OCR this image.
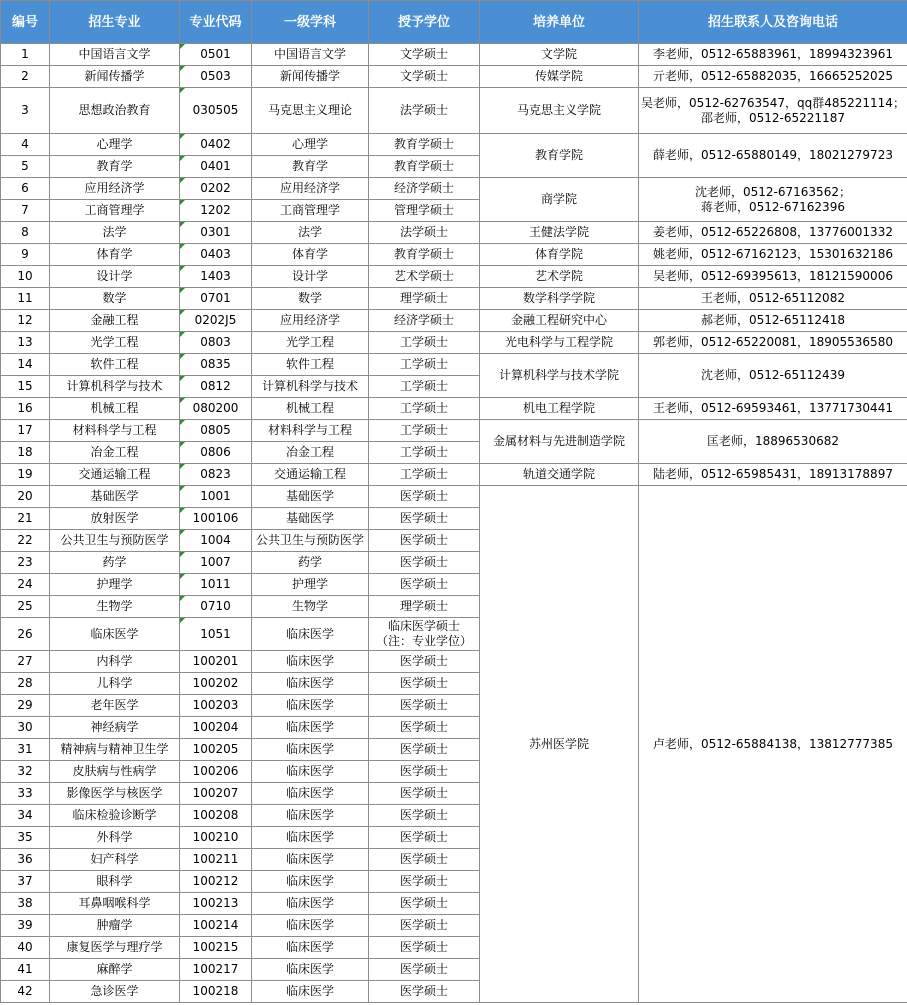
编号	招生专业	专业代码	一级学科	授予学位	培养单位	招生联系人及咨询电话
1	中国语言文学	0501	中国语言文学	文学硕士	文学院	李老师，0512-65883961，18994323961
2	新闻传播学	0503	新闻传播学	文学硕士	传媒学院	亓老师，0512-65882035，16665252025
3	思想政治教育	030505	马克思主义理论	法学硕士	马克思主义学院	吴老师，0512-62763547，qq群485221114；
邵老师，0512-65221187

4	心理学	0402	心理学	教育学硕士	教育学院	薛老师，0512-65880149，18021279723
5	教育学	0401	教育学	教育学硕士		
6	应用经济学	0202	应用经济学	经济学硕士	商学院	沈老师，0512-67163562；
蒋老师，0512-67162396

7	工商管理学	1202	工商管理学	管理学硕士		
8	法学	0301	法学	法学硕士	王健法学院	姜老师，0512-65226808，13776001332
9	体育学	0403	体育学	教育学硕士	体育学院	姚老师，0512-67162123，15301632186
10	设计学	1403	设计学	艺术学硕士	艺术学院	吴老师，0512-69395613，18121590006
11	数学	0701	数学	理学硕士	数学科学学院	王老师，0512-65112082
12	金融工程	0202J5	应用经济学	经济学硕士	金融工程研究中心	郝老师，0512-65112418
13	光学工程	0803	光学工程	工学硕士	光电科学与工程学院	郭老师，0512-65220081，18905536580
14	软件工程	0835	软件工程	工学硕士	计算机科学与技术学院	沈老师，0512-65112439
15	计算机科学与技术	0812	计算机科学与技术	工学硕士		
16	机械工程	080200	机械工程	工学硕士	机电工程学院	王老师，0512-69593461，13771730441
17	材料科学与工程	0805	材料科学与工程	工学硕士	金属材料与先进制造学院	匡老师，18896530682
18	冶金工程	0806	冶金工程	工学硕士		
19	交通运输工程	0823	交通运输工程	工学硕士	轨道交通学院	陆老师，0512-65985431，18913178897
20	基础医学	1001	基础医学	医学硕士	苏州医学院	卢老师，0512-65884138，13812777385
21	放射医学	100106	基础医学	医学硕士		
22	公共卫生与预防医学	1004	公共卫生与预防医学	医学硕士		
23	药学	1007	药学	医学硕士		
24	护理学	1011	护理学	医学硕士		
25	生物学	0710	生物学	理学硕士		
26	临床医学	1051	临床医学	临床医学硕士
（注：专业学位）		

27	内科学	100201	临床医学	医学硕士		
28	儿科学	100202	临床医学	医学硕士		
29	老年医学	100203	临床医学	医学硕士		
30	神经病学	100204	临床医学	医学硕士		
31	精神病与精神卫生学	100205	临床医学	医学硕士		
32	皮肤病与性病学	100206	临床医学	医学硕士		
33	影像医学与核医学	100207	临床医学	医学硕士		
34	临床检验诊断学	100208	临床医学	医学硕士		
35	外科学	100210	临床医学	医学硕士		
36	妇产科学	100211	临床医学	医学硕士		
37	眼科学	100212	临床医学	医学硕士		
38	耳鼻咽喉科学	100213	临床医学	医学硕士		
39	肿瘤学	100214	临床医学	医学硕士		
40	康复医学与理疗学	100215	临床医学	医学硕士		
41	麻醉学	100217	临床医学	医学硕士		
42	急诊医学	100218	临床医学	医学硕士		
